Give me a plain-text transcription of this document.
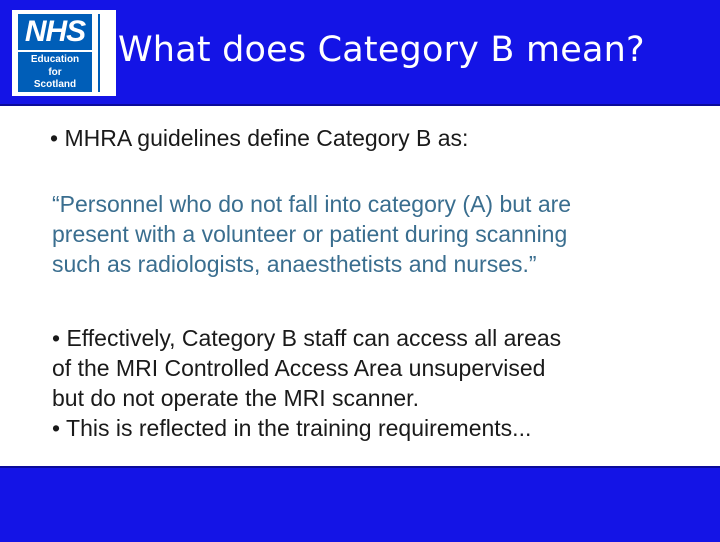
NHS
Education
for
Scotland
What does Category B mean?
• MHRA guidelines define Category B as:
“Personnel who do not fall into category (A) but are
present with a volunteer or patient during scanning
such as radiologists, anaesthetists and nurses.”
• Effectively, Category B staff can access all areas
of the MRI Controlled Access Area unsupervised
but do not operate the MRI scanner.
• This is reflected in the training requirements...
